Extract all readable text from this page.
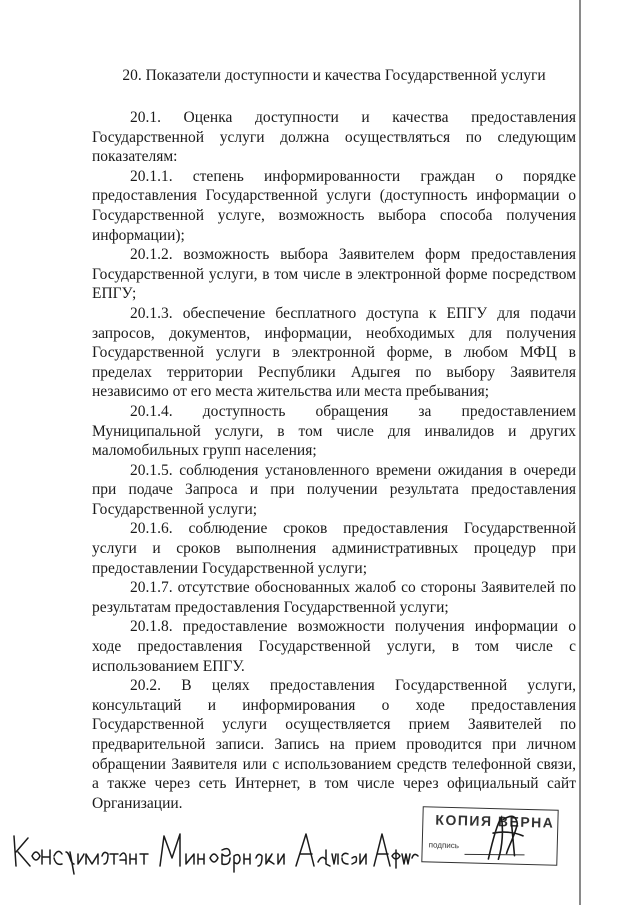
20. Показатели доступности и качества Государственной услуги

20.1. Оценка доступности и качества предоставления Государственной услуги должна осуществляться по следующим показателям:

20.1.1. степень информированности граждан о порядке предоставления Государственной услуги (доступность информации о Государственной услуге, возможность выбора способа получения информации);

20.1.2. возможность выбора Заявителем форм предоставления Государственной услуги, в том числе в электронной форме посредством ЕПГУ;

20.1.3. обеспечение бесплатного доступа к ЕПГУ для подачи запросов, документов, информации, необходимых для получения Государственной услуги в электронной форме, в любом МФЦ в пределах территории Республики Адыгея по выбору Заявителя независимо от его места жительства или места пребывания;

20.1.4. доступность обращения за предоставлением Муниципальной услуги, в том числе для инвалидов и других маломобильных групп населения;

20.1.5. соблюдения установленного времени ожидания в очереди при подаче Запроса и при получении результата предоставления Государственной услуги;

20.1.6. соблюдение сроков предоставления Государственной услуги и сроков выполнения административных процедур при предоставлении Государственной услуги;

20.1.7. отсутствие обоснованных жалоб со стороны Заявителей по результатам предоставления Государственной услуги;

20.1.8. предоставление возможности получения информации о ходе предоставления Государственной услуги, в том числе с использованием ЕПГУ.

20.2. В целях предоставления Государственной услуги, консультаций и информирования о ходе предоставления Государственной услуги осуществляется прием Заявителей по предварительной записи. Запись на прием проводится при личном обращении Заявителя или с использованием средств телефонной связи, а также через сеть Интернет, в том числе через официальный сайт Организации.

КОПИЯ ВЕРНА
подпись
